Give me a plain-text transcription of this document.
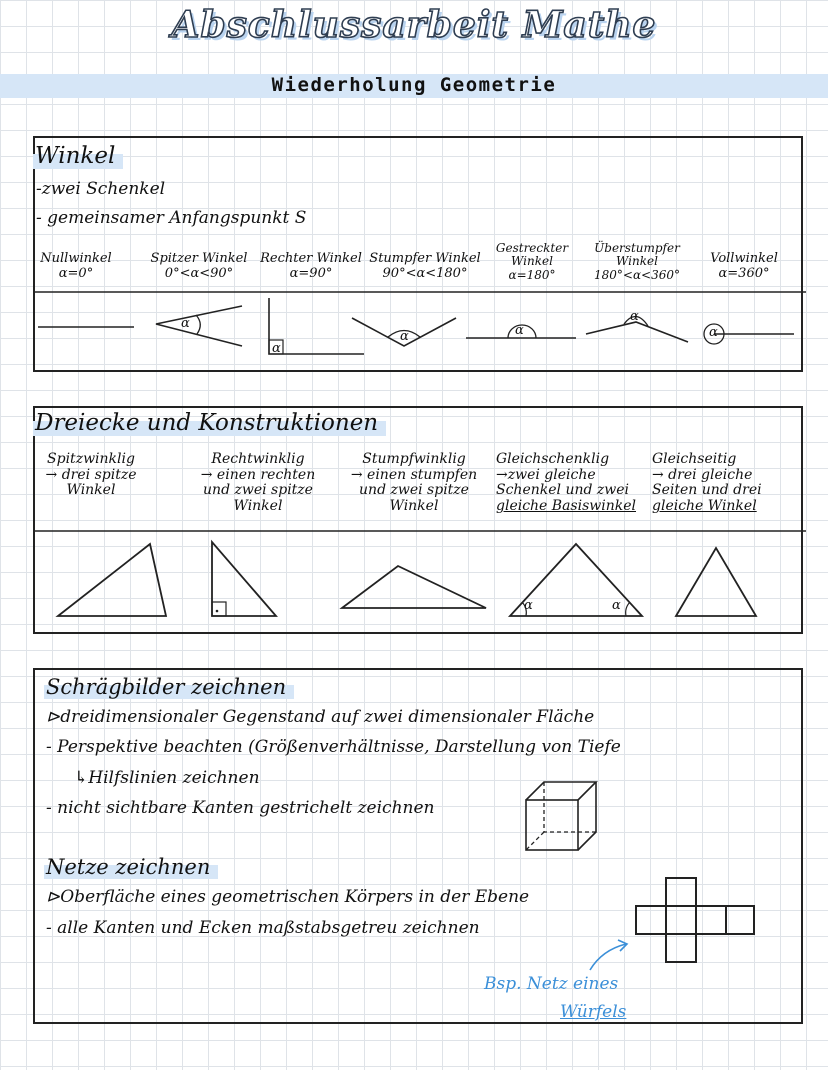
Abschlussarbeit Mathe
Wiederholung Geometrie
Winkel
-zwei Schenkel
- gemeinsamer Anfangspunkt S
Nullwinkel
α=0°
Spitzer Winkel
0°<α<90°
Rechter Winkel
α=90°
Stumpfer Winkel
90°<α<180°
Gestreckter Winkel
α=180°
Überstumpfer Winkel
180°<α<360°
Vollwinkel
α=360°
α
α
α	α
α
α
Dreiecke und Konstruktionen
Spitzwinklig
→ drei spitze
Winkel
Rechtwinklig
→ einen rechten
und zwei spitze
Winkel
Stumpfwinklig
→ einen stumpfen
und zwei spitze
Winkel
Gleichschenklig
→zwei gleiche
Schenkel und zwei
gleiche Basiswinkel
Gleichseitig
→ drei gleiche
Seiten und drei
gleiche Winkel
α	α
Schrägbilder zeichnen
⊳dreidimensionaler Gegenstand auf zwei dimensionaler Fläche
- Perspektive beachten (Größenverhältnisse, Darstellung von Tiefe
↳Hilfslinien zeichnen
- nicht sichtbare Kanten gestrichelt zeichnen
Netze zeichnen
⊳Oberfläche eines geometrischen Körpers in der Ebene
- alle Kanten und Ecken maßstabsgetreu zeichnen
Bsp. Netz eines
Würfels
